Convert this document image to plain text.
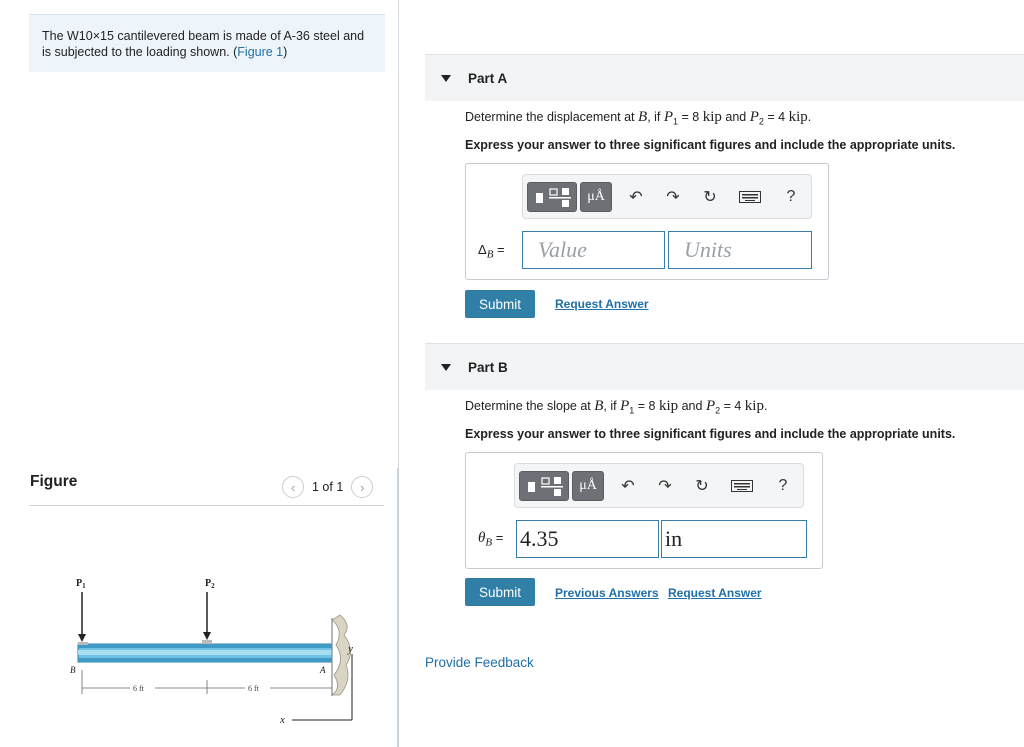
The W10×15 cantilevered beam is made of A-36 steel and is subjected to the loading shown. (Figure 1)
Figure	‹ 1 of 1 ›
$P_1$	$P_2$
B	A
6 ft	6 ft
y
x
Part A
Determine the displacement at B, if $P_1 = 8$ kip and $P_2 = 4$ kip.
Express your answer to three significant figures and include the appropriate units.
μÅ ↶ ↷ ↻	?
$\Delta_B$ =	Value	Units
Submit	Request Answer
Part B
Determine the slope at B, if $P_1 = 8$ kip and $P_2 = 4$ kip.
Express your answer to three significant figures and include the appropriate units.
μÅ ↶ ↷ ↻	?
$\theta_B = 4.35$	in
Submit	Previous Answers Request Answer
Provide Feedback
